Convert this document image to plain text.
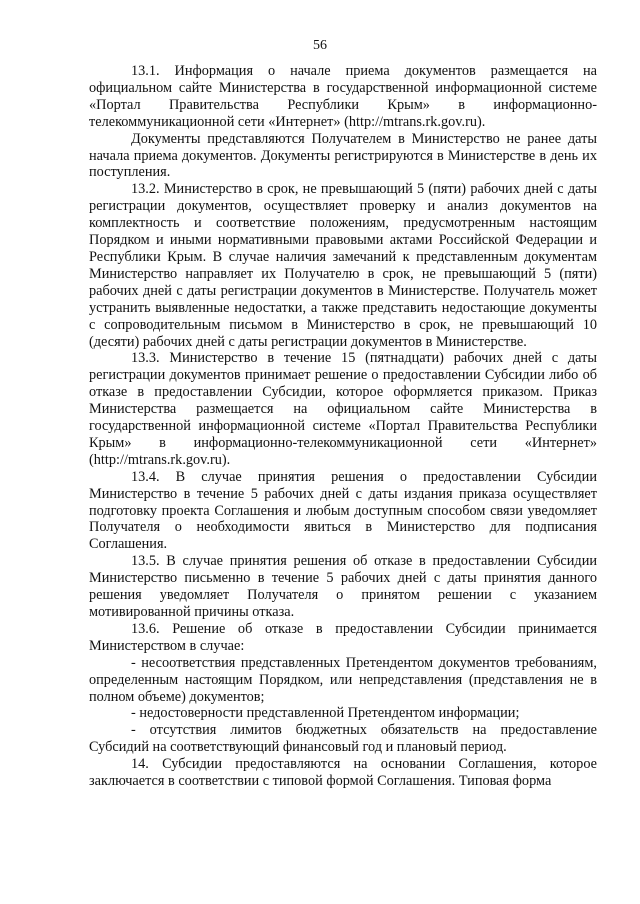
56

13.1. Информация о начале приема документов размещается на официальном сайте Министерства в государственной информационной системе «Портал Правительства Республики Крым» в информационно-телекоммуникационной сети «Интернет» (http://mtrans.rk.gov.ru).

Документы представляются Получателем в Министерство не ранее даты начала приема документов. Документы регистрируются в Министерстве в день их поступления.

13.2. Министерство в срок, не превышающий 5 (пяти) рабочих дней с даты регистрации документов, осуществляет проверку и анализ документов на комплектность и соответствие положениям, предусмотренным настоящим Порядком и иными нормативными правовыми актами Российской Федерации и Республики Крым. В случае наличия замечаний к представленным документам Министерство направляет их Получателю в срок, не превышающий 5 (пяти) рабочих дней с даты регистрации документов в Министерстве. Получатель может устранить выявленные недостатки, а также представить недостающие документы с сопроводительным письмом в Министерство в срок, не превышающий 10 (десяти) рабочих дней с даты регистрации документов в Министерстве.

13.3. Министерство в течение 15 (пятнадцати) рабочих дней с даты регистрации документов принимает решение о предоставлении Субсидии либо об отказе в предоставлении Субсидии, которое оформляется приказом. Приказ Министерства размещается на официальном сайте Министерства в государственной информационной системе «Портал Правительства Республики Крым» в информационно-телекоммуникационной сети «Интернет» (http://mtrans.rk.gov.ru).

13.4. В случае принятия решения о предоставлении Субсидии Министерство в течение 5 рабочих дней с даты издания приказа осуществляет подготовку проекта Соглашения и любым доступным способом связи уведомляет Получателя о необходимости явиться в Министерство для подписания Соглашения.

13.5. В случае принятия решения об отказе в предоставлении Субсидии Министерство письменно в течение 5 рабочих дней с даты принятия данного решения уведомляет Получателя о принятом решении с указанием мотивированной причины отказа.

13.6. Решение об отказе в предоставлении Субсидии принимается Министерством в случае:

- несоответствия представленных Претендентом документов требованиям, определенным настоящим Порядком, или непредставления (представления не в полном объеме) документов;

- недостоверности представленной Претендентом информации;

- отсутствия лимитов бюджетных обязательств на предоставление Субсидий на соответствующий финансовый год и плановый период.

14. Субсидии предоставляются на основании Соглашения, которое заключается в соответствии с типовой формой Соглашения. Типовая форма
